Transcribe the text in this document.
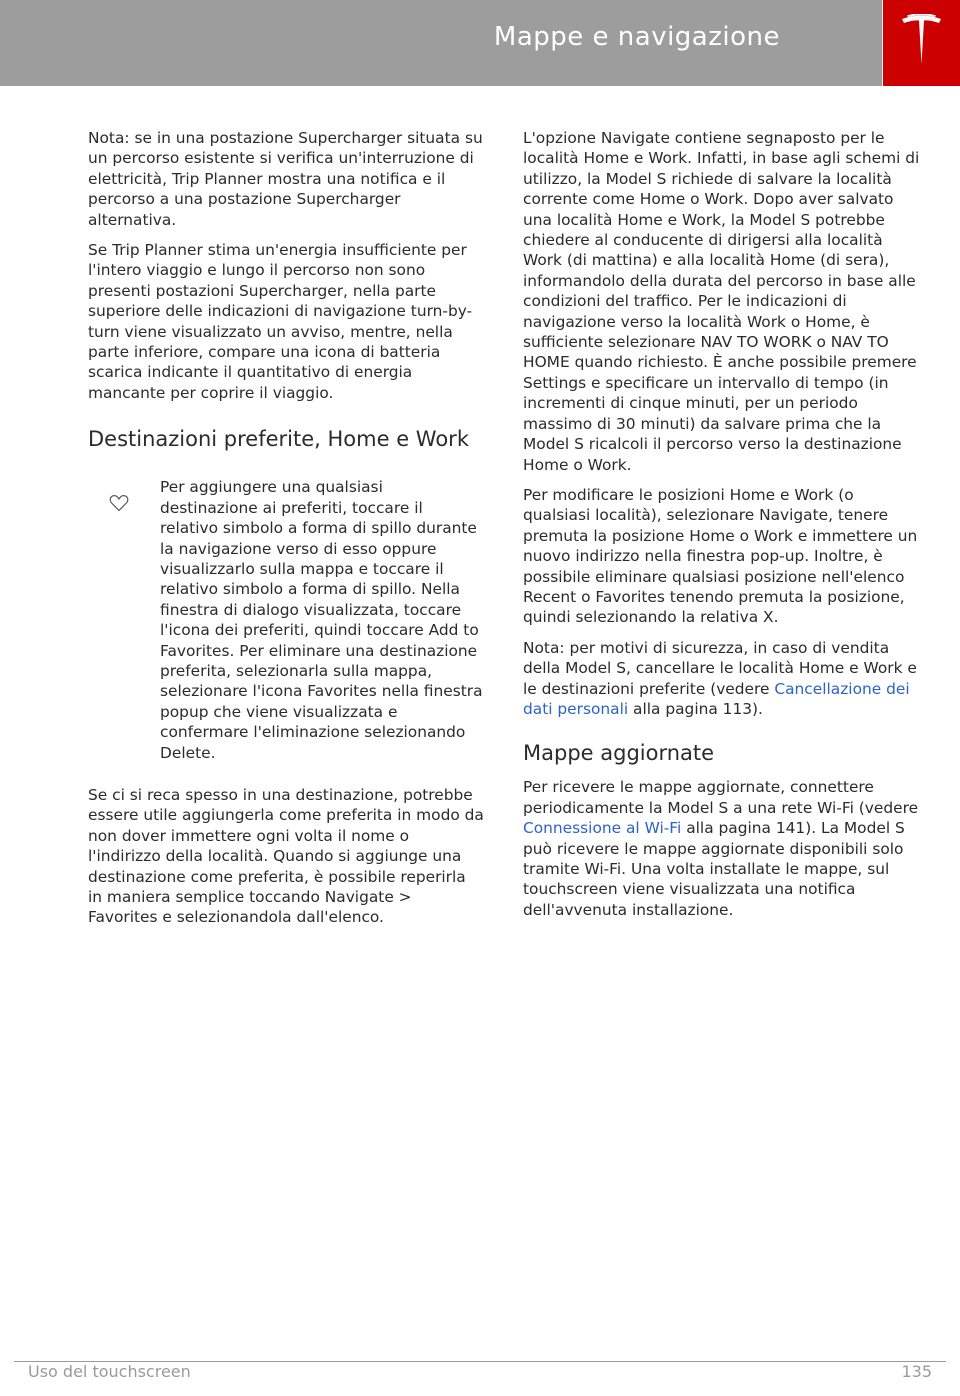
Mappe e navigazione

Nota: se in una postazione Supercharger situata su un percorso esistente si verifica un'interruzione di elettricità, Trip Planner mostra una notifica e il percorso a una postazione Supercharger alternativa.

Se Trip Planner stima un'energia insufficiente per l'intero viaggio e lungo il percorso non sono presenti postazioni Supercharger, nella parte superiore delle indicazioni di navigazione turn-by-turn viene visualizzato un avviso, mentre, nella parte inferiore, compare una icona di batteria scarica indicante il quantitativo di energia mancante per coprire il viaggio.

Destinazioni preferite, Home e Work
Per aggiungere una qualsiasi destinazione ai preferiti, toccare il relativo simbolo a forma di spillo durante la navigazione verso di esso oppure visualizzarlo sulla mappa e toccare il relativo simbolo a forma di spillo. Nella finestra di dialogo visualizzata, toccare l'icona dei preferiti, quindi toccare Add to Favorites. Per eliminare una destinazione preferita, selezionarla sulla mappa, selezionare l'icona Favorites nella finestra popup che viene visualizzata e confermare l'eliminazione selezionando Delete.

Se ci si reca spesso in una destinazione, potrebbe essere utile aggiungerla come preferita in modo da non dover immettere ogni volta il nome o l'indirizzo della località. Quando si aggiunge una destinazione come preferita, è possibile reperirla in maniera semplice toccando Navigate > Favorites e selezionandola dall'elenco.

L'opzione Navigate contiene segnaposto per le località Home e Work. Infatti, in base agli schemi di utilizzo, la Model S richiede di salvare la località corrente come Home o Work. Dopo aver salvato una località Home e Work, la Model S potrebbe chiedere al conducente di dirigersi alla località Work (di mattina) e alla località Home (di sera), informandolo della durata del percorso in base alle condizioni del traffico. Per le indicazioni di navigazione verso la località Work o Home, è sufficiente selezionare NAV TO WORK o NAV TO HOME quando richiesto. È anche possibile premere Settings e specificare un intervallo di tempo (in incrementi di cinque minuti, per un periodo massimo di 30 minuti) da salvare prima che la Model S ricalcoli il percorso verso la destinazione Home o Work.

Per modificare le posizioni Home e Work (o qualsiasi località), selezionare Navigate, tenere premuta la posizione Home o Work e immettere un nuovo indirizzo nella finestra pop-up. Inoltre, è possibile eliminare qualsiasi posizione nell'elenco Recent o Favorites tenendo premuta la posizione, quindi selezionando la relativa X.

Nota: per motivi di sicurezza, in caso di vendita della Model S, cancellare le località Home e Work e le destinazioni preferite (vedere Cancellazione dei dati personali alla pagina 113).

Mappe aggiornate

Per ricevere le mappe aggiornate, connettere periodicamente la Model S a una rete Wi-Fi (vedere Connessione al Wi-Fi alla pagina 141). La Model S può ricevere le mappe aggiornate disponibili solo tramite Wi-Fi. Una volta installate le mappe, sul touchscreen viene visualizzata una notifica dell'avvenuta installazione.

Uso del touchscreen	135
